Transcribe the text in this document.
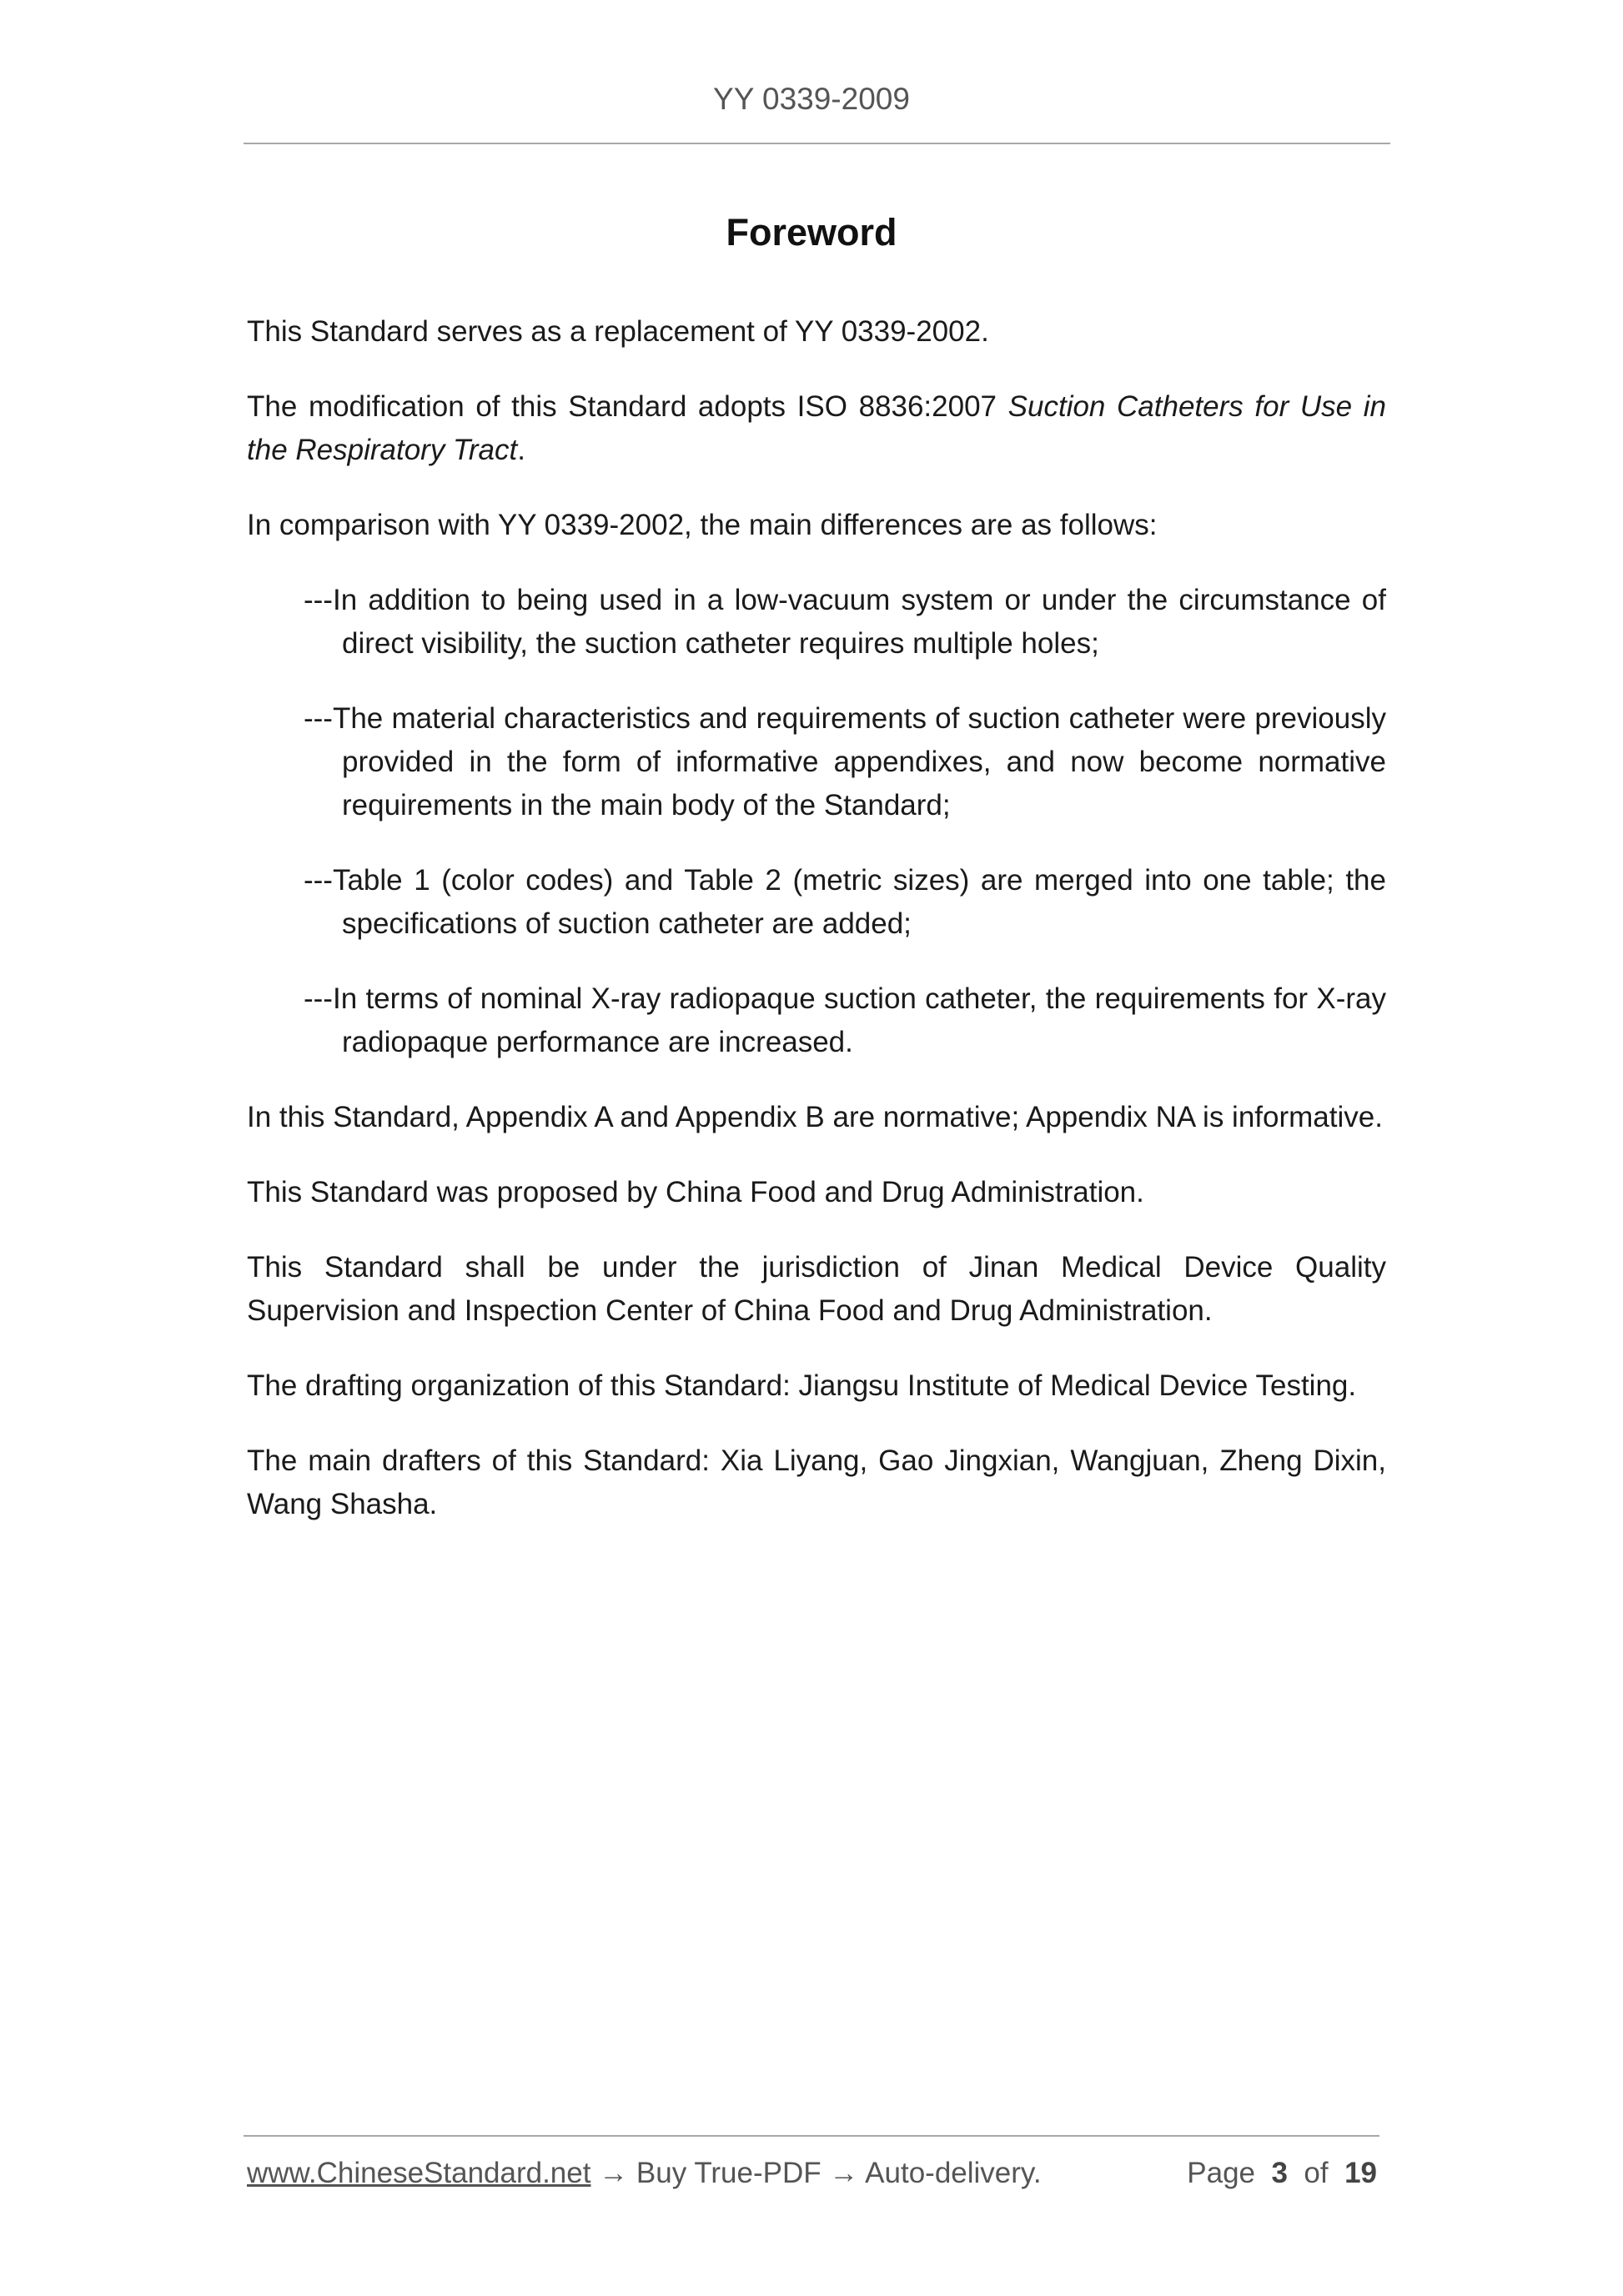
YY 0339-2009
Foreword

This Standard serves as a replacement of YY 0339-2002.

The modification of this Standard adopts ISO 8836:2007 Suction Catheters for Use in the Respiratory Tract.

In comparison with YY 0339-2002, the main differences are as follows:

---In addition to being used in a low-vacuum system or under the circumstance of direct visibility, the suction catheter requires multiple holes;

---The material characteristics and requirements of suction catheter were previously provided in the form of informative appendixes, and now become normative requirements in the main body of the Standard;

---Table 1 (color codes) and Table 2 (metric sizes) are merged into one table; the specifications of suction catheter are added;

---In terms of nominal X-ray radiopaque suction catheter, the requirements for X-ray radiopaque performance are increased.

In this Standard, Appendix A and Appendix B are normative; Appendix NA is informative.

This Standard was proposed by China Food and Drug Administration.

This Standard shall be under the jurisdiction of Jinan Medical Device Quality Supervision and Inspection Center of China Food and Drug Administration.

The drafting organization of this Standard: Jiangsu Institute of Medical Device Testing.

The main drafters of this Standard: Xia Liyang, Gao Jingxian, Wangjuan, Zheng Dixin, Wang Shasha.

www.ChineseStandard.net → Buy True-PDF → Auto-delivery.	Page 3 of 19
